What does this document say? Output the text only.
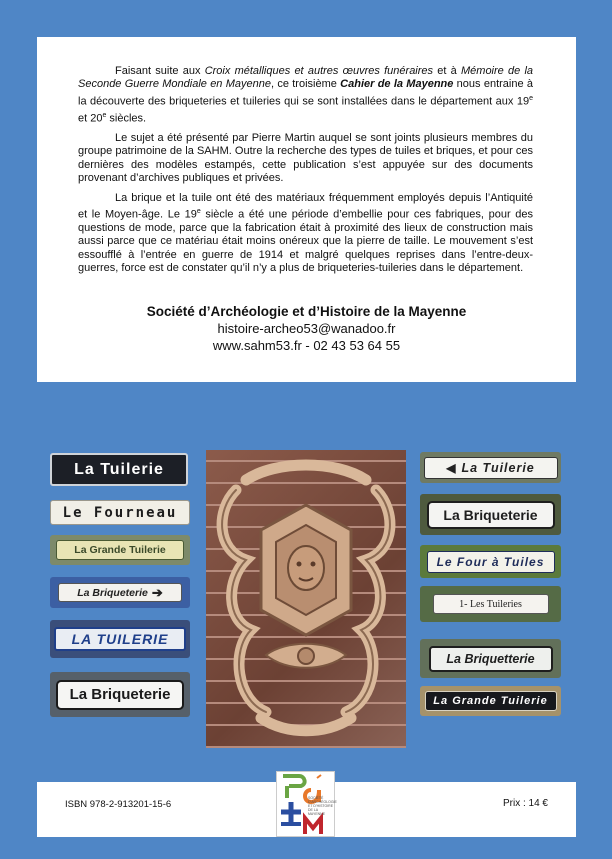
Faisant suite aux Croix métalliques et autres œuvres funéraires et à Mémoire de la Seconde Guerre Mondiale en Mayenne, ce troisième Cahier de la Mayenne nous entraine à la découverte des briqueteries et tuileries qui se sont installées dans le département aux 19e et 20e siècles.

Le sujet a été présenté par Pierre Martin auquel se sont joints plusieurs membres du groupe patrimoine de la SAHM. Outre la recherche des types de tuiles et briques, et pour ces dernières des modèles estampés, cette publication s’est appuyée sur des documents provenant d’archives publiques et privées.

La brique et la tuile ont été des matériaux fréquemment employés depuis l’Antiquité et le Moyen-âge. Le 19e siècle a été une période d’embellie pour ces fabriques, pour des questions de mode, parce que la fabrication était à proximité des lieux de construction mais aussi parce que ce matériau était moins onéreux que la pierre de taille. Le mouvement s’est essoufflé à l’entrée en guerre de 1914 et malgré quelques reprises dans l’entre-deux-guerres, force est de constater qu’il n’y a plus de briqueteries-tuileries dans le département.

Société d’Archéologie et d’Histoire de la Mayenne
histoire-archeo53@wanadoo.fr
www.sahm53.fr - 02 43 53 64 55
La Tuilerie
Le Fourneau
La Grande Tuilerie
La Briqueterie ➔
LA TUILERIE
La Briqueterie
◀ La Tuilerie
La Briqueterie
Le Four à Tuiles
1- Les Tuileries
La Briquetterie
La Grande Tuilerie
ISBN 978-2-913201-15-6
SOCIÉTÉ D'ARCHÉOLOGIE ET D'HISTOIRE DE LA MAYENNE
Prix : 14 €
